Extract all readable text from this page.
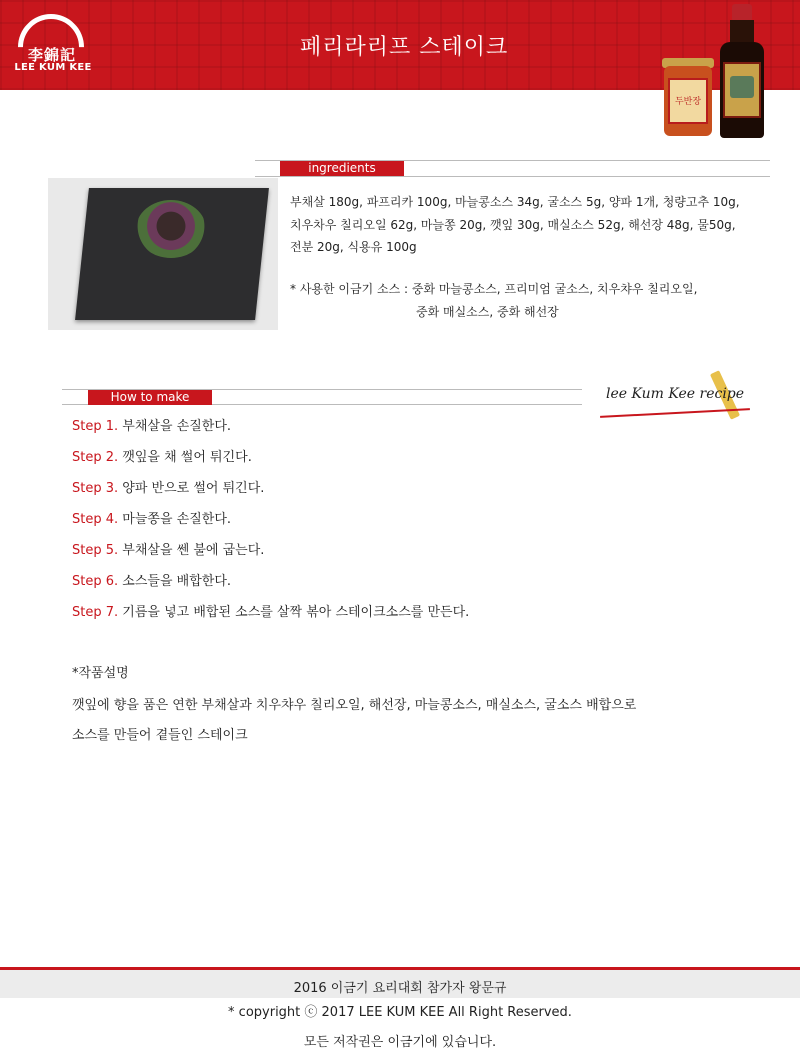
李錦記
LEE KUM KEE
페리라리프 스테이크
두반장
ingredients
부채살 180g, 파프리카 100g, 마늘콩소스 34g, 굴소스 5g, 양파 1개, 청량고추 10g,
치우차우 칠리오일 62g, 마늘쫑 20g, 깻잎 30g, 매실소스 52g, 해선장 48g, 물50g,
전분 20g, 식용유 100g
* 사용한 이금기 소스 : 중화 마늘콩소스, 프리미엄 굴소스, 치우챠우 칠리오일,
중화 매실소스, 중화 해선장
How to make	lee Kum Kee recipe
Step 1. 부채살을 손질한다.
Step 2. 깻잎을 채 썰어 튀긴다.
Step 3. 양파 반으로 썰어 튀긴다.
Step 4. 마늘쫑을 손질한다.
Step 5. 부채살을 쎈 불에 굽는다.
Step 6. 소스들을 배합한다.
Step 7. 기름을 넣고 배합된 소스를 살짝 볶아 스테이크소스를 만든다.
*작품설명
깻잎에 향을 품은 연한 부채살과 치우챠우 칠리오일, 해선장, 마늘콩소스, 매실소스, 굴소스 배합으로
소스를 만들어 곁들인 스테이크
2016 이금기 요리대회 참가자 왕문규
* copyright ⓒ 2017 LEE KUM KEE All Right Reserved.
모든 저작권은 이금기에 있습니다.
